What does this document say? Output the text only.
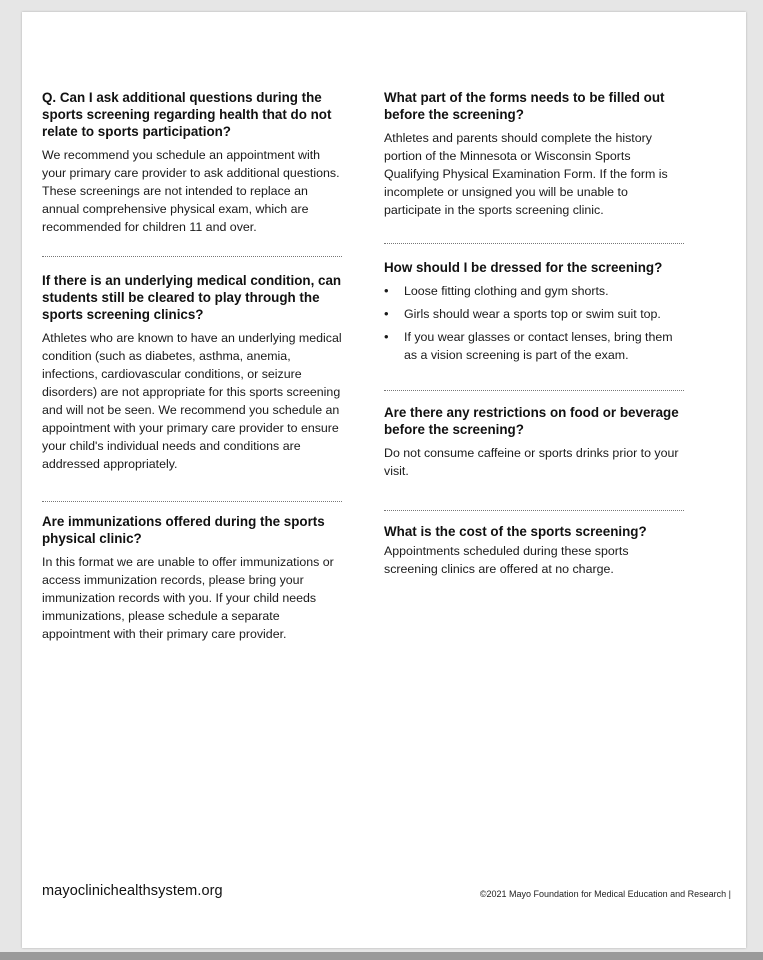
Q. Can I ask additional questions during the sports screening regarding health that do not relate to sports participation?

We recommend you schedule an appointment with your primary care provider to ask additional questions. These screenings are not intended to replace an annual comprehensive physical exam, which are recommended for children 11 and over.

If there is an underlying medical condition, can students still be cleared to play through the sports screening clinics?

Athletes who are known to have an underlying medical condition (such as diabetes, asthma, anemia, infections, cardiovascular conditions, or seizure disorders) are not appropriate for this sports screening and will not be seen. We recommend you schedule an appointment with your primary care provider to ensure your child's individual needs and conditions are addressed appropriately.

Are immunizations offered during the sports physical clinic?

In this format we are unable to offer immunizations or access immunization records, please bring your immunization records with you. If your child needs immunizations, please schedule a separate appointment with their primary care provider.

What part of the forms needs to be filled out before the screening?

Athletes and parents should complete the history portion of the Minnesota or Wisconsin Sports Qualifying Physical Examination Form. If the form is incomplete or unsigned you will be unable to participate in the sports screening clinic.

How should I be dressed for the screening?
• Loose fitting clothing and gym shorts.
• Girls should wear a sports top or swim suit top.
• If you wear glasses or contact lenses, bring them as a vision screening is part of the exam.
Are there any restrictions on food or beverage before the screening?

Do not consume caffeine or sports drinks prior to your visit.

What is the cost of the sports screening?

Appointments scheduled during these sports screening clinics are offered at no charge.

mayoclinichealthsystem.org	©2021 Mayo Foundation for Medical Education and Research |
